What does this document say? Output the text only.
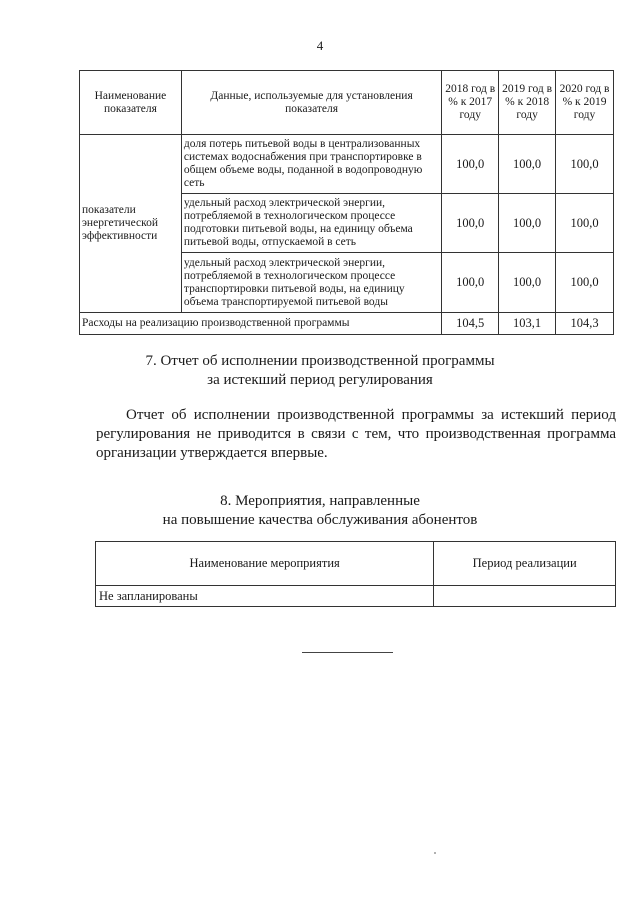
4
Наименование показателя	Данные, используемые для установления показателя	2018 год в % к 2017 году	2019 год в % к 2018 году	2020 год в % к 2019 году
показатели энергетической эффективности	доля потерь питьевой воды в централизованных системах водоснабжения при транспортировке в общем объеме воды, поданной в водопроводную сеть	100,0	100,0	100,0
	удельный расход электрической энергии, потребляемой в технологическом процессе подготовки питьевой воды, на единицу объема питьевой воды, отпускаемой в сеть	100,0	100,0	100,0
	удельный расход электрической энергии, потребляемой в технологическом процессе транспортировки питьевой воды, на единицу объема транспортируемой питьевой воды	100,0	100,0	100,0
Расходы на реализацию производственной программы		104,5	103,1	104,3
7. Отчет об исполнении производственной программы
за истекший период регулирования
Отчет об исполнении производственной программы за истекший период регулирования не приводится в связи с тем, что производственная программа организации утверждается впервые.
8. Мероприятия, направленные
на повышение качества обслуживания абонентов
Наименование мероприятия	Период реализации
Не запланированы	
